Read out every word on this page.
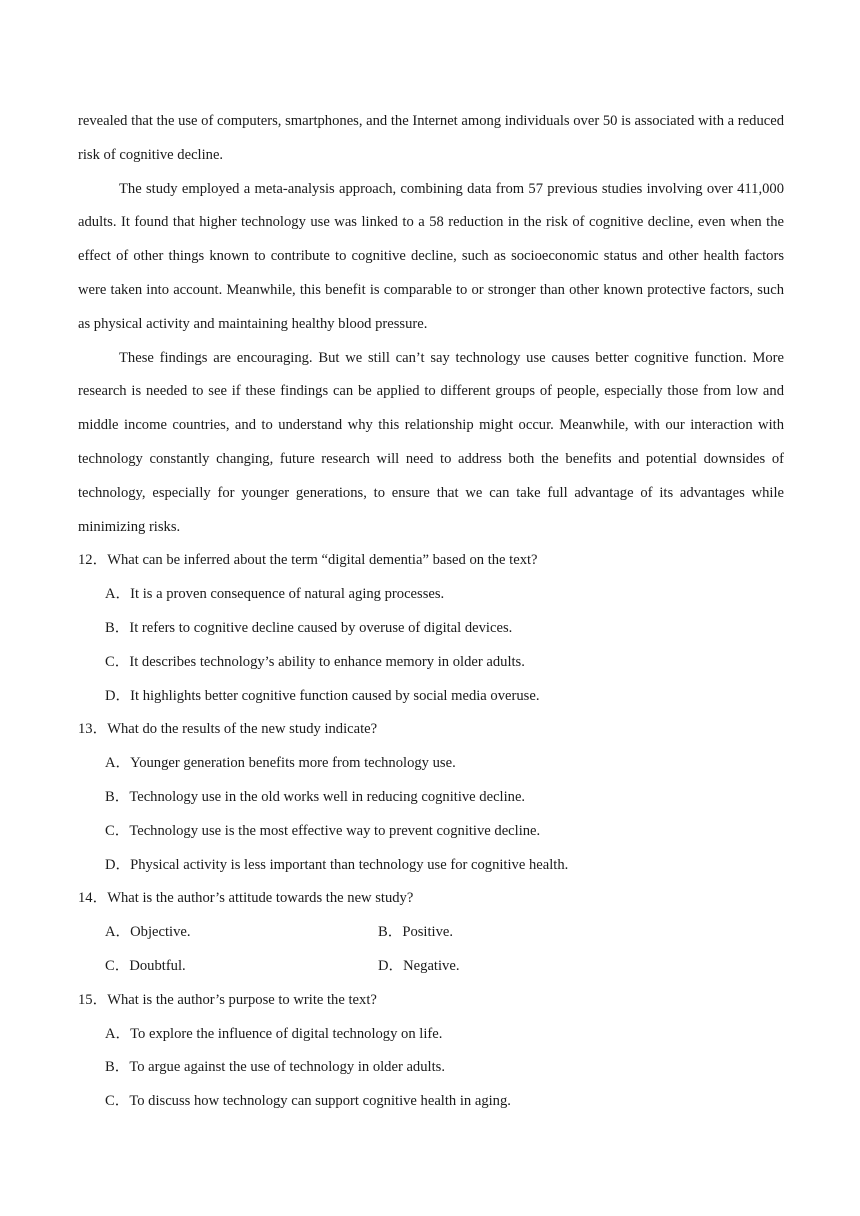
revealed that the use of computers, smartphones, and the Internet among individuals over 50 is associated with a reduced risk of cognitive decline.

The study employed a meta-analysis approach, combining data from 57 previous studies involving over 411,000 adults. It found that higher technology use was linked to a 58 reduction in the risk of cognitive decline, even when the effect of other things known to contribute to cognitive decline, such as socioeconomic status and other health factors were taken into account. Meanwhile, this benefit is comparable to or stronger than other known protective factors, such as physical activity and maintaining healthy blood pressure.

These findings are encouraging. But we still can’t say technology use causes better cognitive function. More research is needed to see if these findings can be applied to different groups of people, especially those from low and middle income countries, and to understand why this relationship might occur. Meanwhile, with our interaction with technology constantly changing, future research will need to address both the benefits and potential downsides of technology, especially for younger generations, to ensure that we can take full advantage of its advantages while minimizing risks.

12．What can be inferred about the term “digital dementia” based on the text?

A．It is a proven consequence of natural aging processes.

B．It refers to cognitive decline caused by overuse of digital devices.

C．It describes technology’s ability to enhance memory in older adults.

D．It highlights better cognitive function caused by social media overuse.

13．What do the results of the new study indicate?

A．Younger generation benefits more from technology use.

B．Technology use in the old works well in reducing cognitive decline.

C．Technology use is the most effective way to prevent cognitive decline.

D．Physical activity is less important than technology use for cognitive health.

14．What is the author’s attitude towards the new study?

A．Objective.	B．Positive.
C．Doubtful.	D．Negative.

15．What is the author’s purpose to write the text?

A．To explore the influence of digital technology on life.

B．To argue against the use of technology in older adults.

C．To discuss how technology can support cognitive health in aging.
